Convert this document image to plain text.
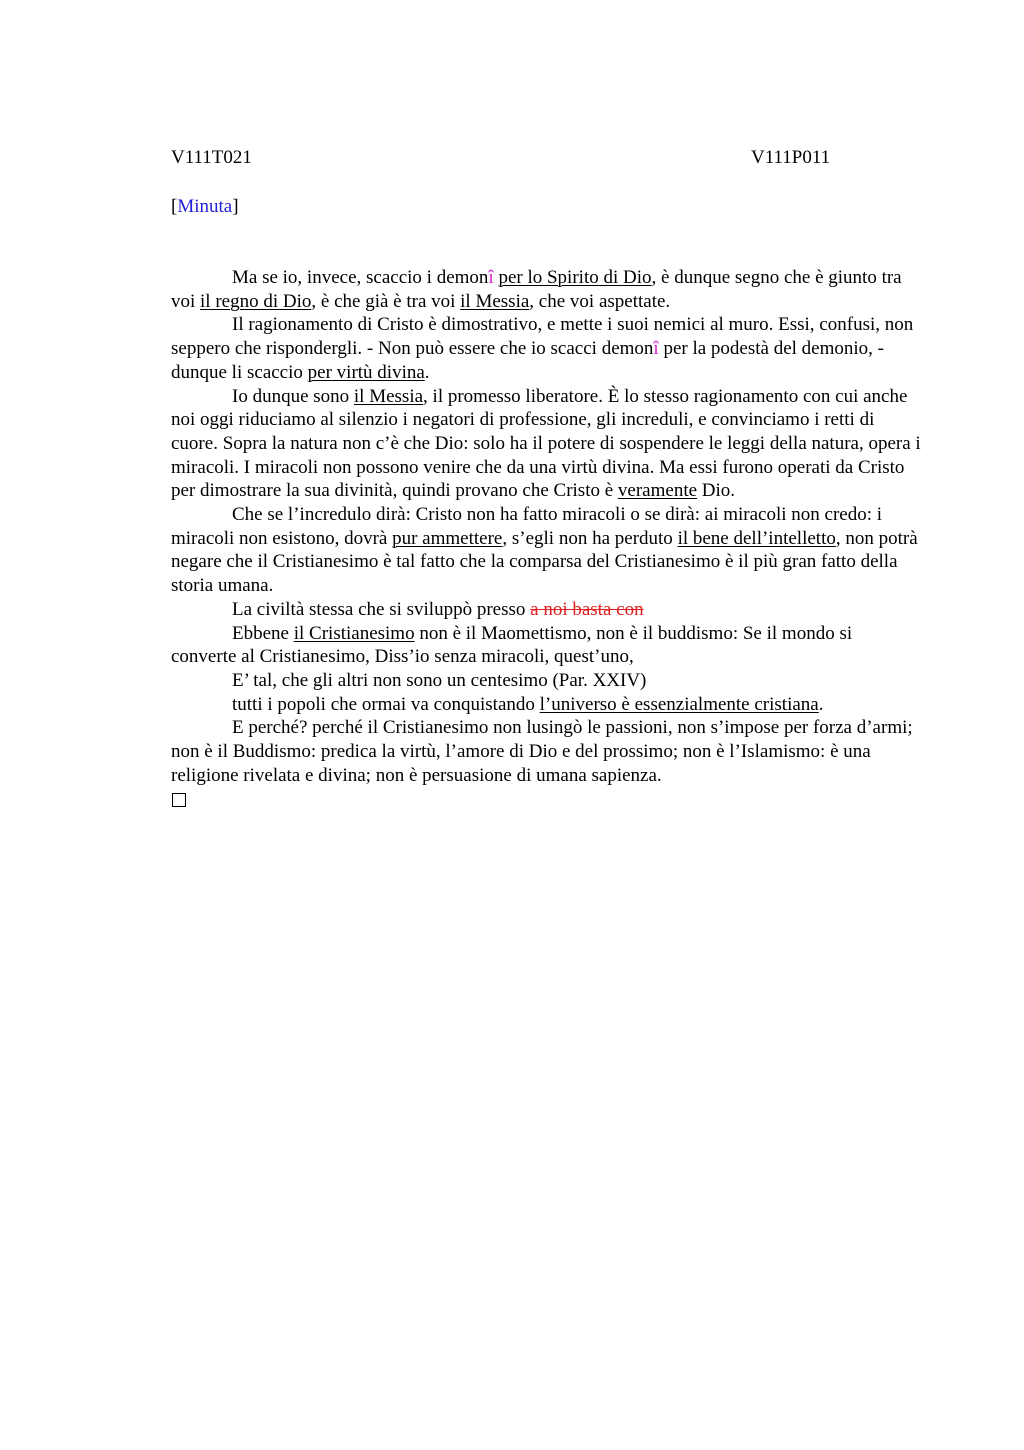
V111T021	V111P011
[Minuta]

Ma se io, invece, scaccio i demonî per lo Spirito di Dio, è dunque segno che è giunto tra voi il regno di Dio, è che già è tra voi il Messia, che voi aspettate.

Il ragionamento di Cristo è dimostrativo, e mette i suoi nemici al muro. Essi, confusi, non seppero che rispondergli. - Non può essere che io scacci demonî per la podestà del demonio, - dunque li scaccio per virtù divina.

Io dunque sono il Messia, il promesso liberatore. È lo stesso ragionamento con cui anche noi oggi riduciamo al silenzio i negatori di professione, gli increduli, e convinciamo i retti di cuore. Sopra la natura non c’è che Dio: solo ha il potere di sospendere le leggi della natura, opera i miracoli. I miracoli non possono venire che da una virtù divina. Ma essi furono operati da Cristo per dimostrare la sua divinità, quindi provano che Cristo è veramente Dio.

Che se l’incredulo dirà: Cristo non ha fatto miracoli o se dirà: ai miracoli non credo: i miracoli non esistono, dovrà pur ammettere, s’egli non ha perduto il bene dell’intelletto, non potrà negare che il Cristianesimo è tal fatto che la comparsa del Cristianesimo è il più gran fatto della storia umana.

La civiltà stessa che si sviluppò presso a noi basta con

Ebbene il Cristianesimo non è il Maomettismo, non è il buddismo: Se il mondo si converte al Cristianesimo, Diss’io senza miracoli, quest’uno,

E’ tal, che gli altri non sono un centesimo (Par. XXIV)

tutti i popoli che ormai va conquistando l’universo è essenzialmente cristiana.

E perché? perché il Cristianesimo non lusingò le passioni, non s’impose per forza d’armi; non è il Buddismo: predica la virtù, l’amore di Dio e del prossimo; non è l’Islamismo: è una religione rivelata e divina; non è persuasione di umana sapienza.
